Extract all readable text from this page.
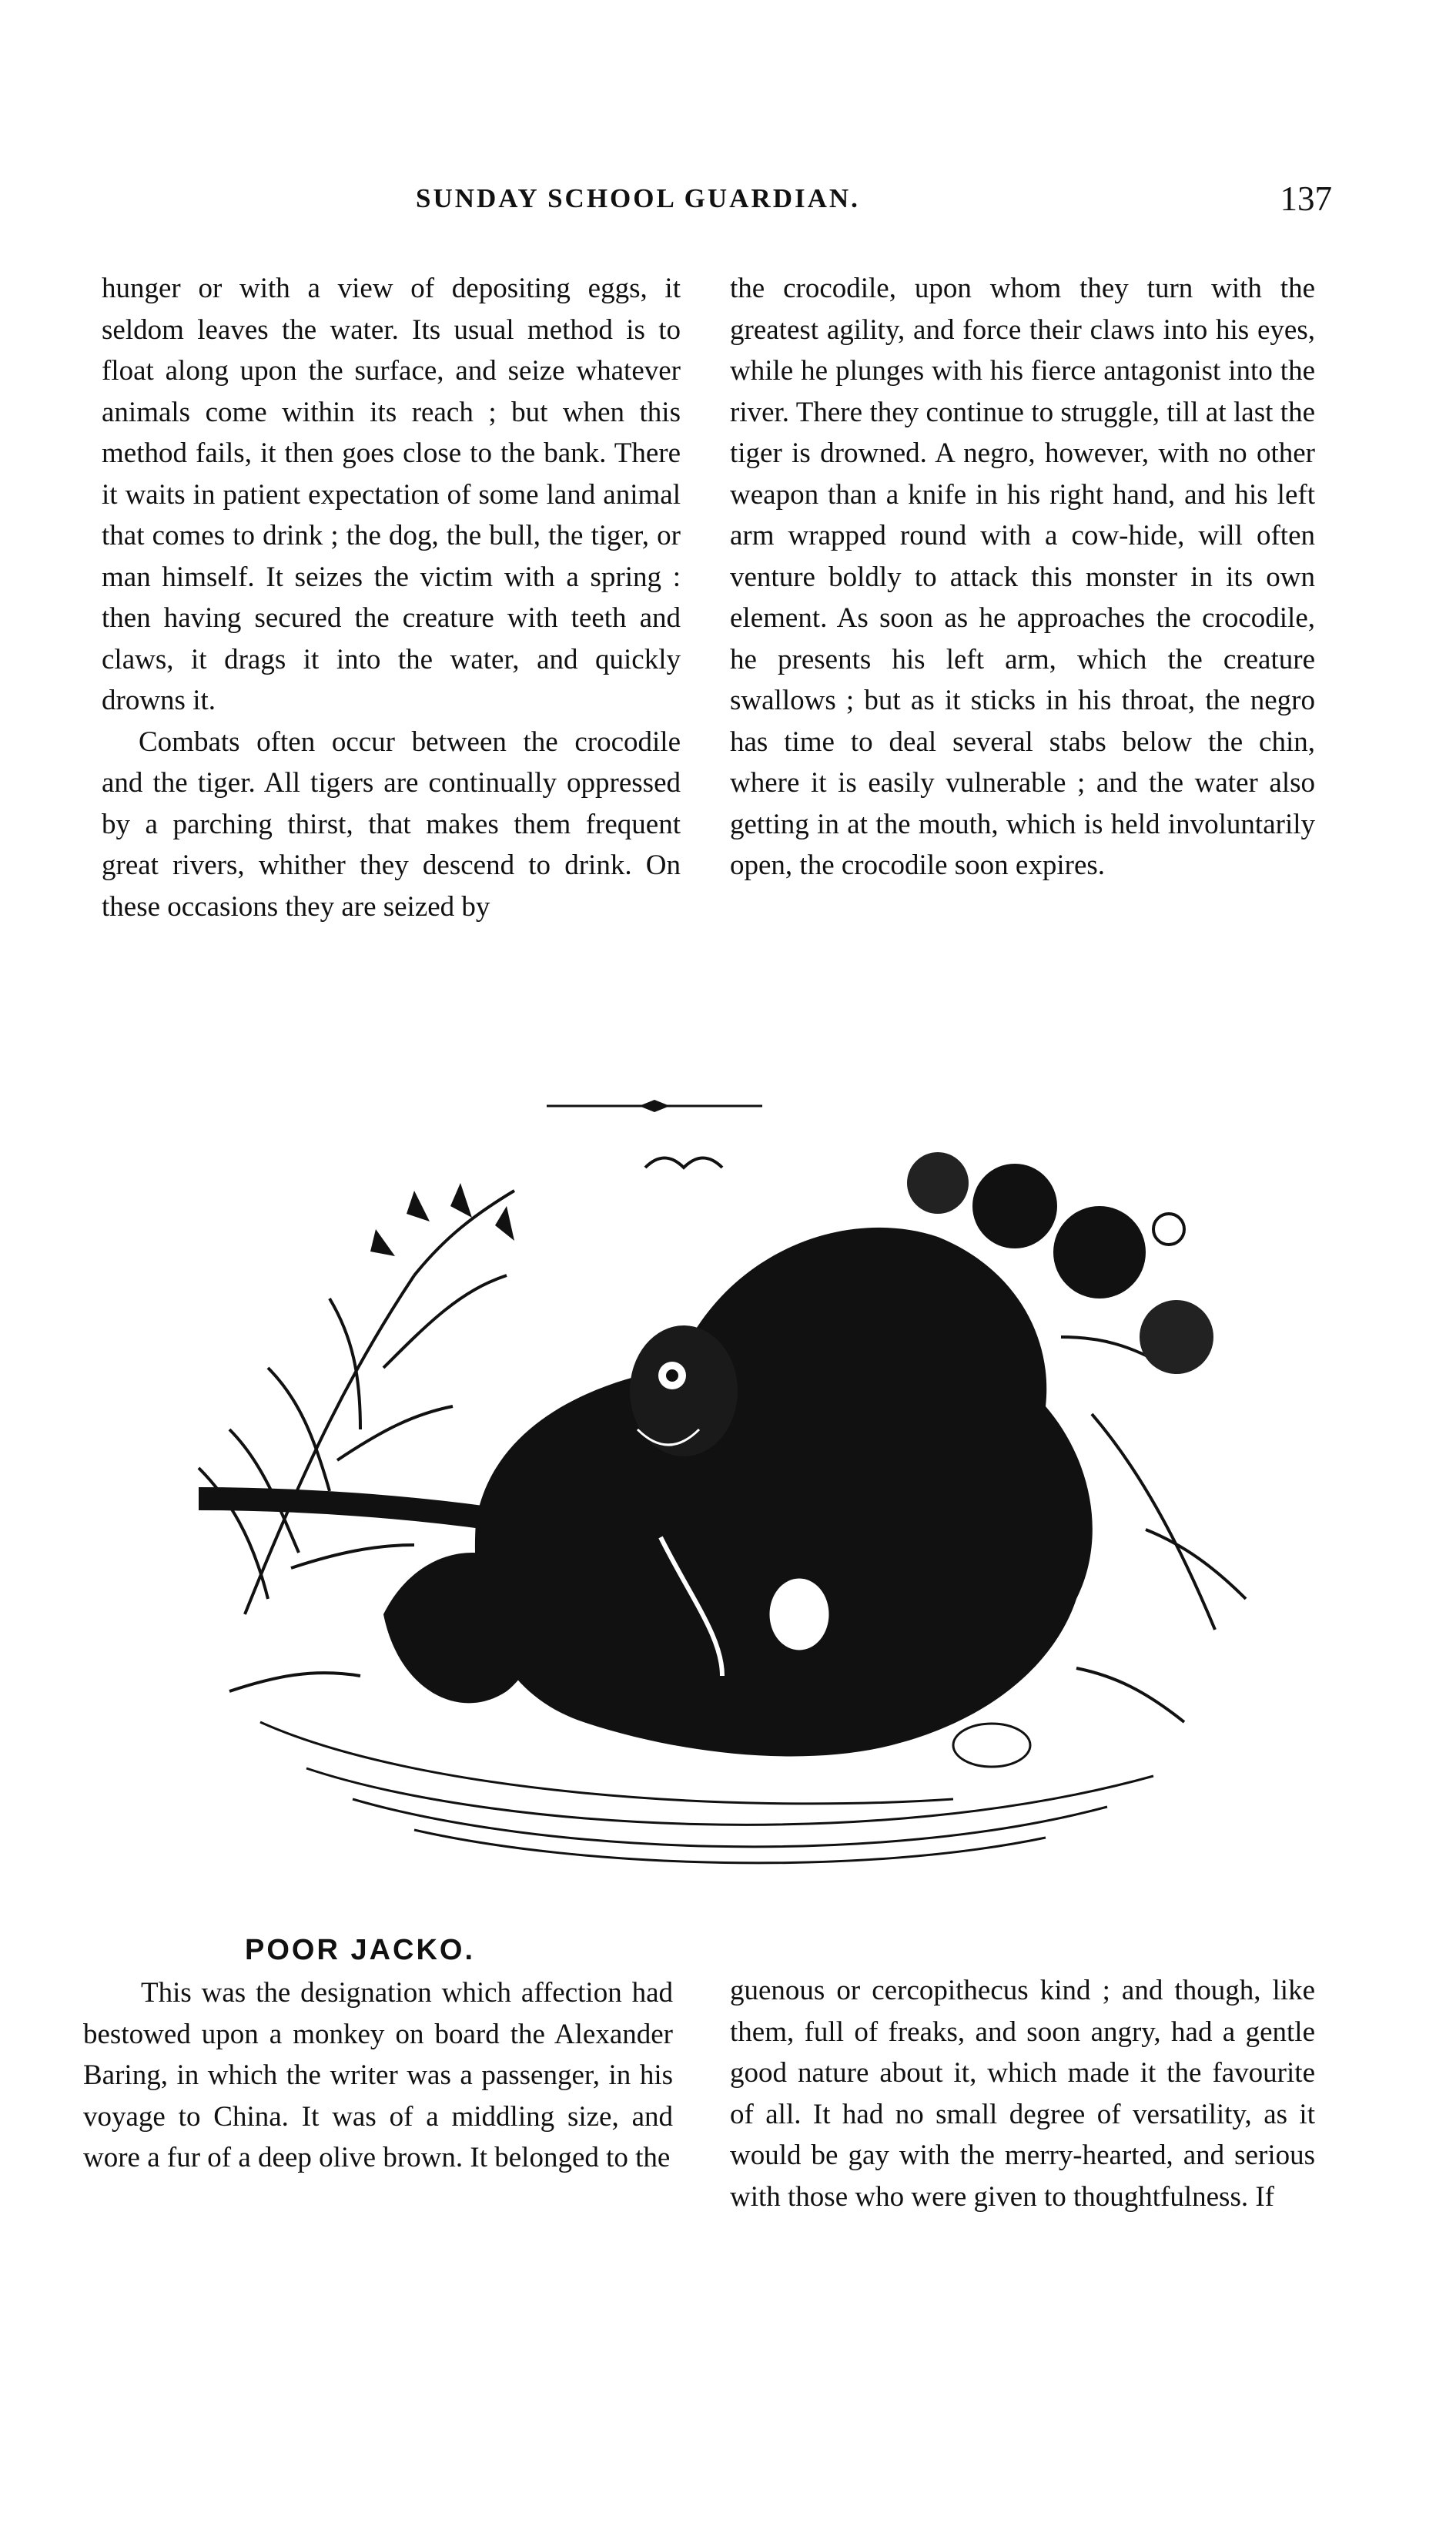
SUNDAY SCHOOL GUARDIAN.	137

hunger or with a view of depositing eggs, it seldom leaves the water. Its usual method is to float along upon the surface, and seize whatever animals come within its reach ; but when this method fails, it then goes close to the bank. There it waits in patient expectation of some land animal that comes to drink ; the dog, the bull, the tiger, or man himself. It seizes the victim with a spring : then having secured the creature with teeth and claws, it drags it into the water, and quickly drowns it.

Combats often occur between the crocodile and the tiger. All tigers are continually oppressed by a parching thirst, that makes them frequent great rivers, whither they descend to drink. On these occasions they are seized by

the crocodile, upon whom they turn with the greatest agility, and force their claws into his eyes, while he plunges with his fierce antagonist into the river. There they continue to struggle, till at last the tiger is drowned. A negro, however, with no other weapon than a knife in his right hand, and his left arm wrapped round with a cow-hide, will often venture boldly to attack this monster in its own element. As soon as he approaches the crocodile, he presents his left arm, which the creature swallows ; but as it sticks in his throat, the negro has time to deal several stabs below the chin, where it is easily vulnerable ; and the water also getting in at the mouth, which is held involuntarily open, the crocodile soon expires.

POOR JACKO.

This was the designation which affection had bestowed upon a monkey on board the Alexander Baring, in which the writer was a passenger, in his voyage to China. It was of a middling size, and wore a fur of a deep olive brown. It belonged to the

guenous or cercopithecus kind ; and though, like them, full of freaks, and soon angry, had a gentle good nature about it, which made it the favourite of all. It had no small degree of versatility, as it would be gay with the merry-hearted, and serious with those who were given to thoughtfulness. If
